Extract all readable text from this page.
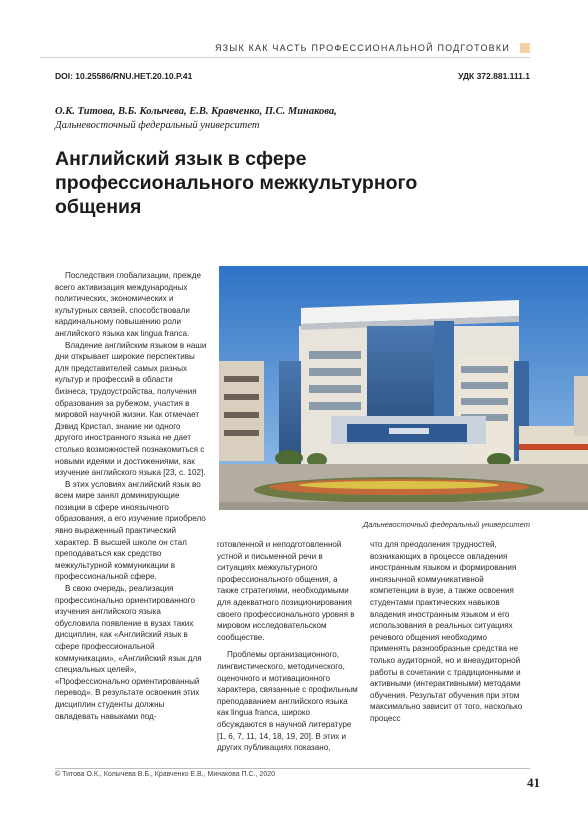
ЯЗЫК КАК ЧАСТЬ ПРОФЕССИОНАЛЬНОЙ ПОДГОТОВКИ
DOI: 10.25586/RNU.HET.20.10.P.41	УДК 372.881.111.1
О.К. Титова, В.Б. Колычева, Е.В. Кравченко, П.С. Минакова,
Дальневосточный федеральный университет
Английский язык в сфере профессионального межкультурного общения

Последствия глобализации, прежде всего активизация международных политических, экономических и культурных связей, способствовали кардинальному повышению роли английского языка как lingua franca.

Владение английским языком в наши дни открывает широкие перспективы для представителей самых разных культур и профессий в области бизнеса, трудоустройства, получения образования за рубежом, участия в мировой научной жизни. Как отмечает Дэвид Кристал, знание ни одного другого иностранного языка не дает столько возможностей познакомиться с новыми идеями и достижениями, как изучение английского языка [23, с. 102].

В этих условиях английский язык во всем мире занял доминирующие позиции в сфере иноязычного образования, а его изучение приобрело явно выраженный практический характер. В высшей школе он стал преподаваться как средство межкультурной коммуникации в профессиональной сфере.

В свою очередь, реализация профессионально ориентированного изучения английского языка обусловила появление в вузах таких дисциплин, как «Английский язык в сфере профессиональной коммуникации», «Английский язык для специальных целей», «Профессионально ориентированный перевод». В результате освоения этих дисциплин студенты должны овладевать навыками под-

Дальневосточный федеральный университет

готовленной и неподготовленной устной и письменной речи в ситуациях межкультурного профессионального общения, а также стратегиями, необходимыми для адекватного позиционирования своего профессионального уровня в мировом исследовательском сообществе.

Проблемы организационного, лингвистического, методического, оценочного и мотивационного характера, связанные с профильным преподаванием английского языка как lingua franca, широко обсуждаются в научной литературе [1, 6, 7, 11, 14, 18, 19, 20]. В этих и других публикациях показано,

что для преодоления трудностей, возникающих в процессе овладения иностранным языком и формирования иноязычной коммуникативной компетенции в вузе, а также освоения студентами практических навыков владения иностранным языком и его использования в реальных ситуациях речевого общения необходимо применять разнообразные средства не только аудиторной, но и внеаудиторной работы в сочетании с традиционными и активными (интерактивными) методами обучения. Результат обучения при этом максимально зависит от того, насколько процесс

© Титова О.К., Колычева В.Б., Кравченко Е.В., Минакова П.С., 2020
41
